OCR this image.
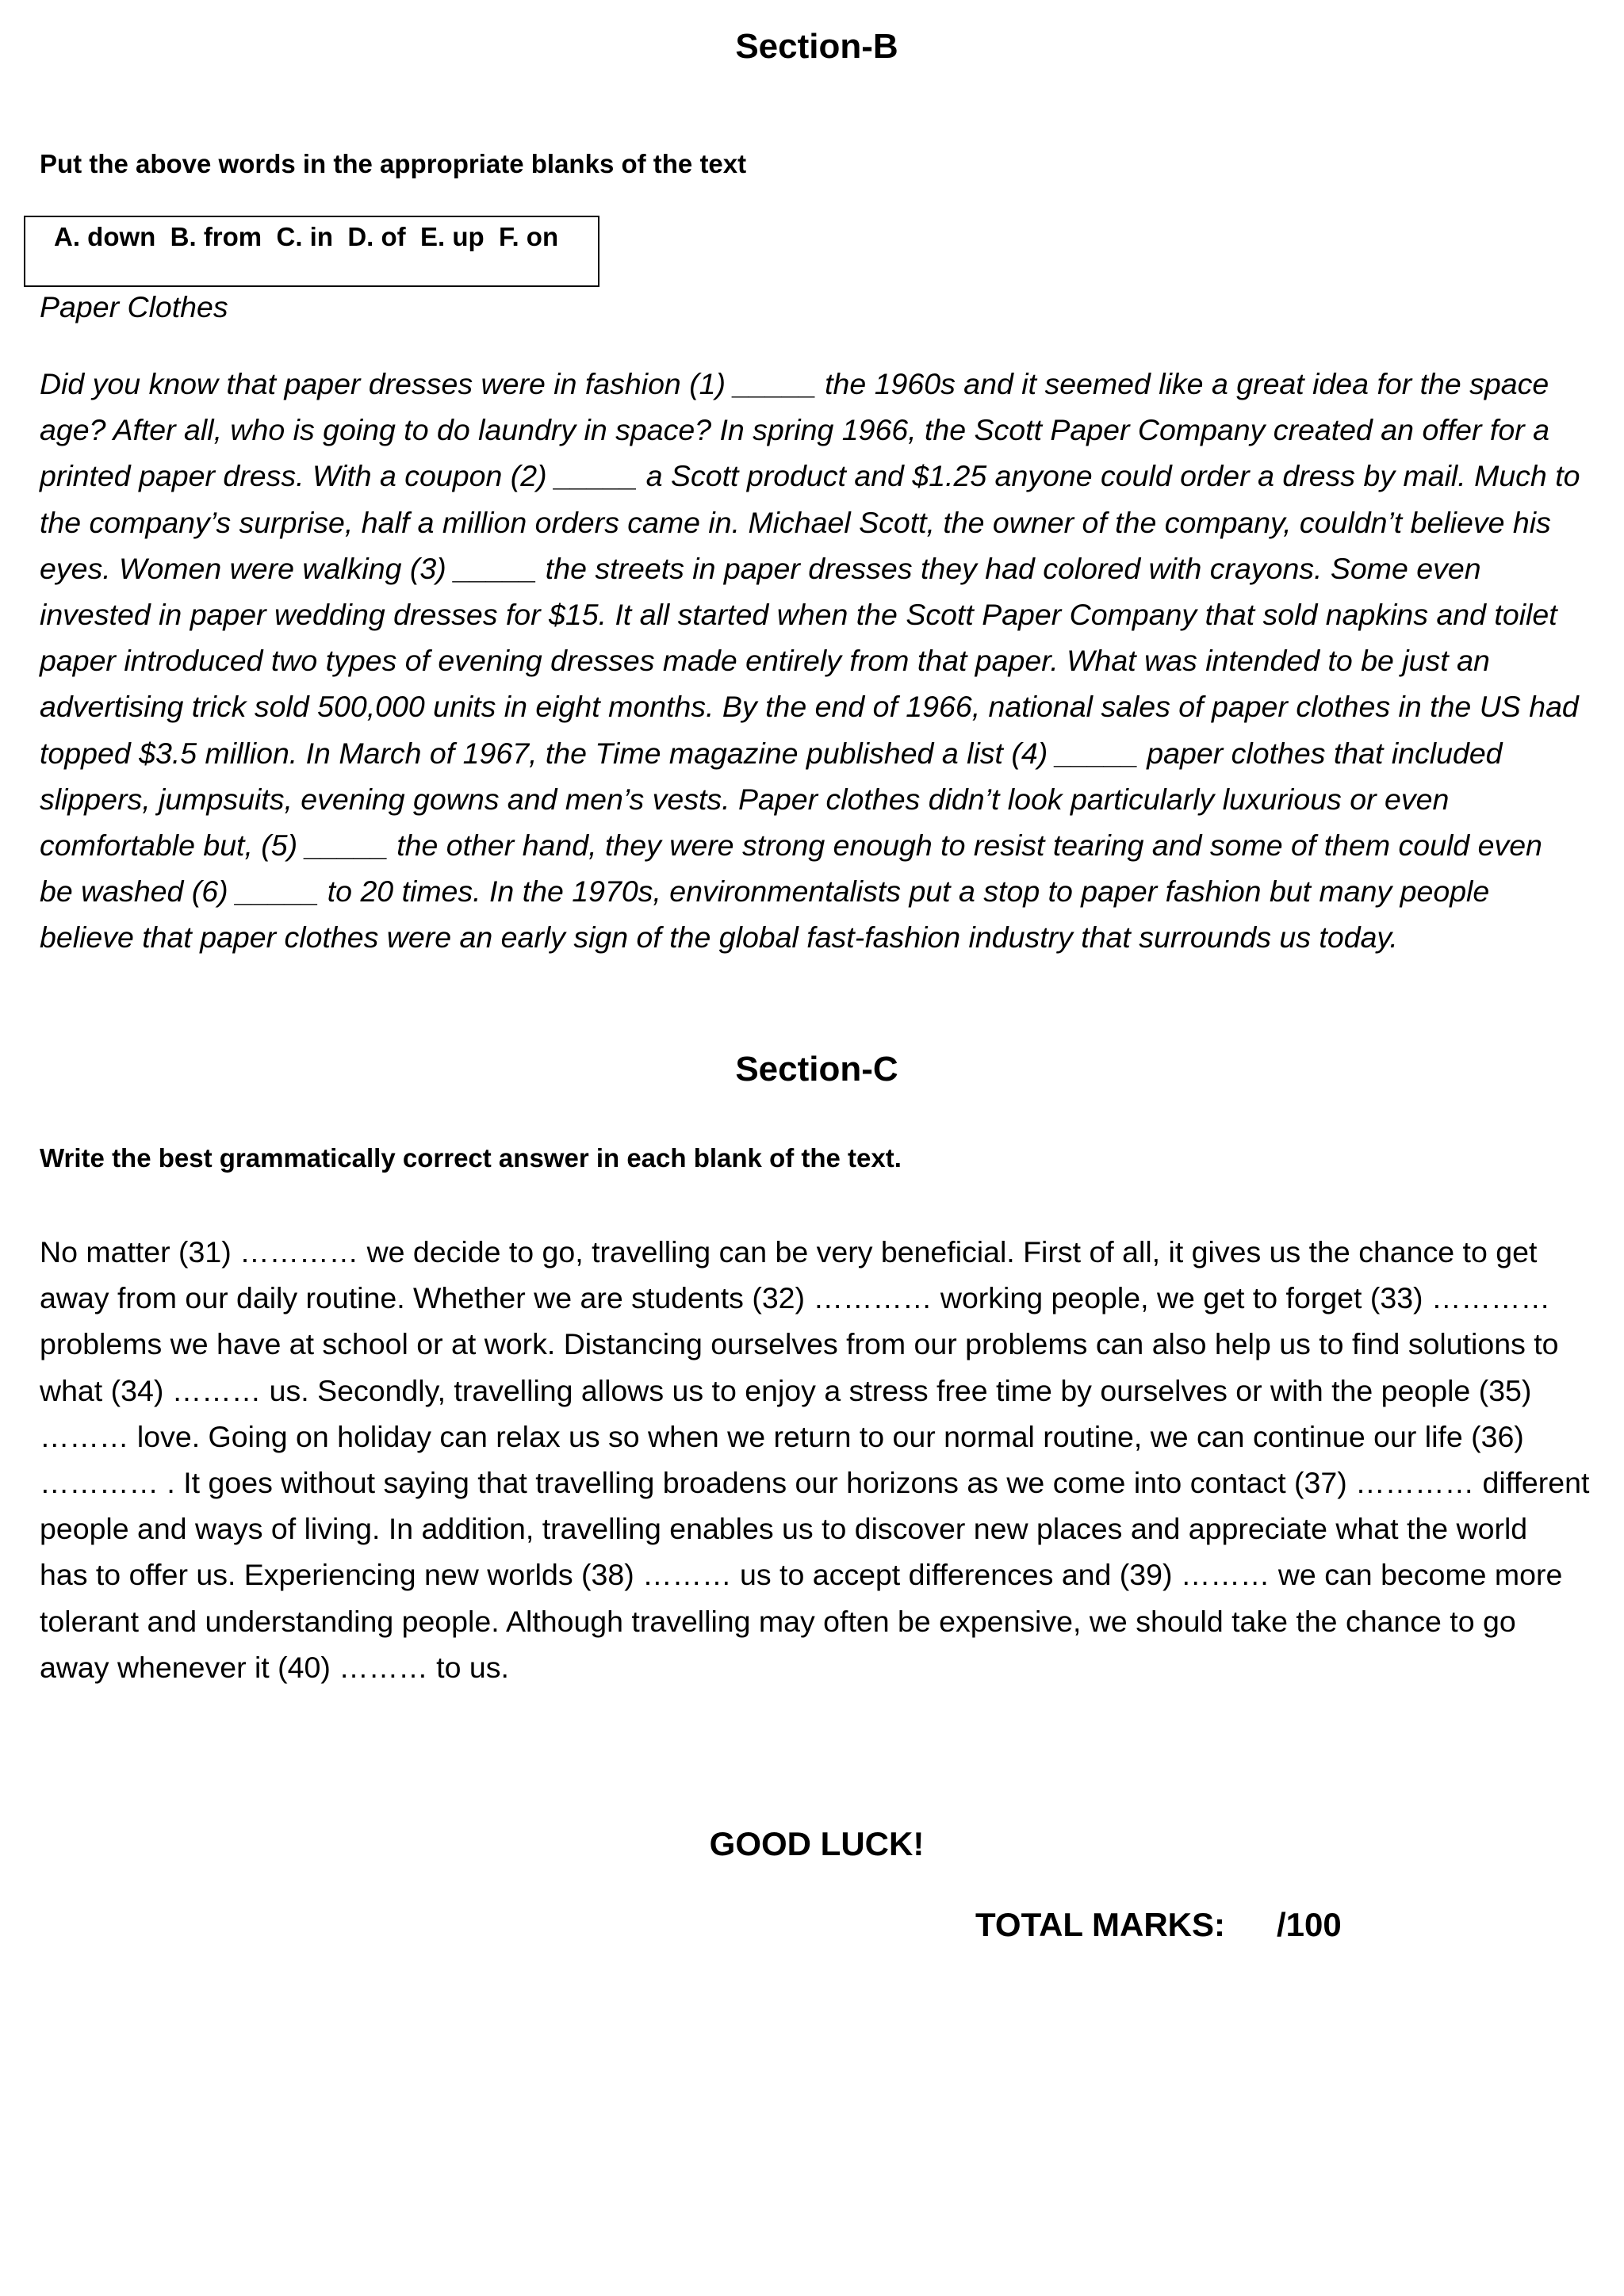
Section-B
Put the above words in the appropriate blanks of the text
A. down  B. from  C. in  D. of  E. up  F. on
Paper Clothes
Did you know that paper dresses were in fashion (1) _____ the 1960s and it seemed like a great idea for the space
age? After all, who is going to do laundry in space? In spring 1966, the Scott Paper Company created an offer for a
printed paper dress. With a coupon (2) _____ a Scott product and $1.25 anyone could order a dress by mail. Much to
the company’s surprise, half a million orders came in. Michael Scott, the owner of the company, couldn’t believe his
eyes. Women were walking (3) _____ the streets in paper dresses they had colored with crayons. Some even
invested in paper wedding dresses for $15. It all started when the Scott Paper Company that sold napkins and toilet
paper introduced two types of evening dresses made entirely from that paper. What was intended to be just an
advertising trick sold 500,000 units in eight months. By the end of 1966, national sales of paper clothes in the US had
topped $3.5 million. In March of 1967, the Time magazine published a list (4) _____ paper clothes that included
slippers, jumpsuits, evening gowns and men’s vests. Paper clothes didn’t look particularly luxurious or even
comfortable but, (5) _____ the other hand, they were strong enough to resist tearing and some of them could even
be washed (6) _____ to 20 times. In the 1970s, environmentalists put a stop to paper fashion but many people
believe that paper clothes were an early sign of the global fast-fashion industry that surrounds us today.
Section-C
Write the best grammatically correct answer in each blank of the text.
No matter (31) ………… we decide to go, travelling can be very beneficial. First of all, it gives us the chance to get
away from our daily routine. Whether we are students (32) ………… working people, we get to forget (33) …………
problems we have at school or at work. Distancing ourselves from our problems can also help us to find solutions to
what (34) ……… us. Secondly, travelling allows us to enjoy a stress free time by ourselves or with the people (35)
……… love. Going on holiday can relax us so when we return to our normal routine, we can continue our life (36)
………… . It goes without saying that travelling broadens our horizons as we come into contact (37) ………… different
people and ways of living. In addition, travelling enables us to discover new places and appreciate what the world
has to offer us. Experiencing new worlds (38) ……… us to accept differences and (39) ……… we can become more
tolerant and understanding people. Although travelling may often be expensive, we should take the chance to go
away whenever it (40) ……… to us.
GOOD LUCK!
TOTAL MARKS: /100
